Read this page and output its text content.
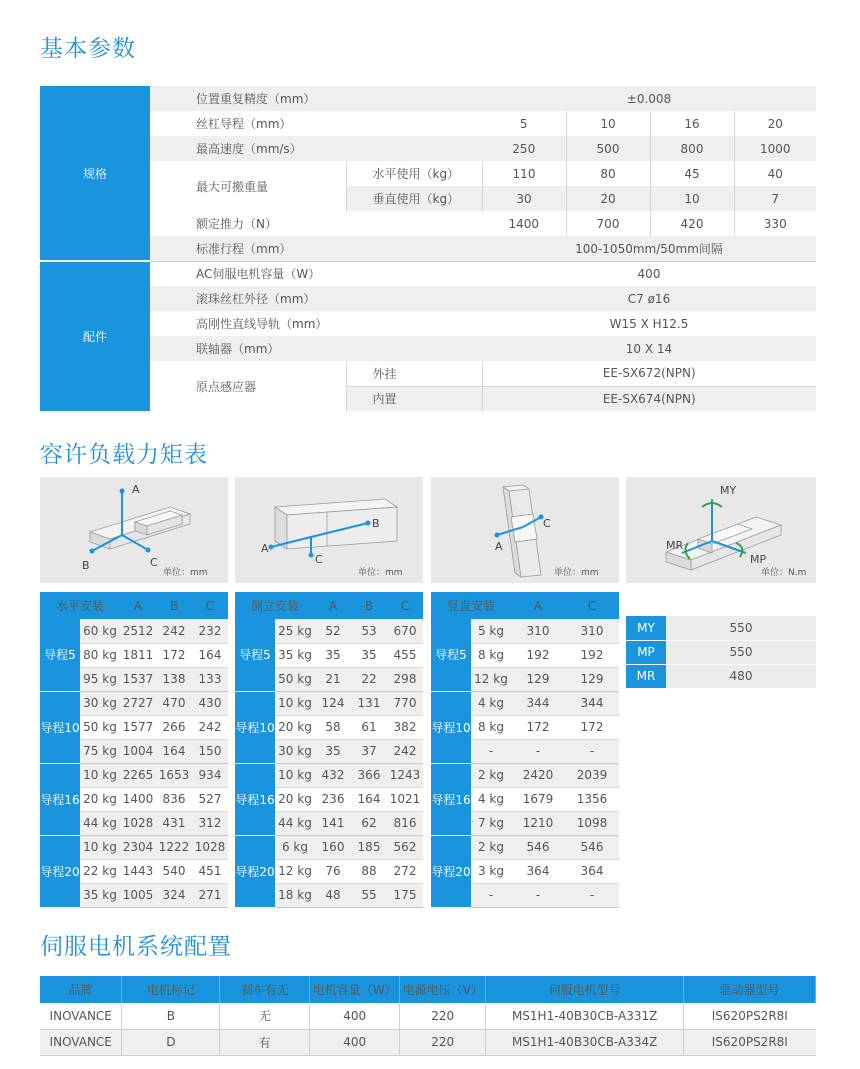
基本参数
容许负载力矩表
伺服电机系统配置
规格	位置重复精度（mm）		±0.008			
	丝杠导程（mm）		5	10	16	20
	最高速度（mm/s）		250	500	800	1000
	最大可搬重量	水平使用（kg）	110	80	45	40
		垂直使用（kg）	30	20	10	7
	额定推力（N）		1400	700	420	330
	标准行程（mm）		100-1050mm/50mm间隔			
配件	AC伺服电机容量（W）		400			
	滚珠丝杠外径（mm）		C7 ø16			
	高刚性直线导轨（mm）		W15 X H12.5			
	联轴器（mm）		10 X 14			
	原点感应器	外挂	EE-SX672(NPN)			
		内置	EE-SX674(NPN)			
A
B	C
单位：mm
A
B
C
单位：mm
A
C
单位：mm
MY
MR
MP
单位：N.m
水平安装		A	B	C
导程5	60 kg	2512	242	232
	80 kg	1811	172	164
	95 kg	1537	138	133
导程10	30 kg	2727	470	430
	50 kg	1577	266	242
	75 kg	1004	164	150
导程16	10 kg	2265	1653	934
	20 kg	1400	836	527
	44 kg	1028	431	312
导程20	10 kg	2304	1222	1028
	22 kg	1443	540	451
	35 kg	1005	324	271
侧立安装		A	B	C
导程5	25 kg	52	53	670
	35 kg	35	35	455
	50 kg	21	22	298
导程10	10 kg	124	131	770
	20 kg	58	61	382
	30 kg	35	37	242
导程16	10 kg	432	366	1243
	20 kg	236	164	1021
	44 kg	141	62	816
导程20	6 kg	160	185	562
	12 kg	76	88	272
	18 kg	48	55	175
竖直安装		A	C
导程5	5 kg	310	310
	8 kg	192	192
	12 kg	129	129
导程10	4 kg	344	344
	8 kg	172	172
	-	-	-
导程16	2 kg	2420	2039
	4 kg	1679	1356
	7 kg	1210	1098
导程20	2 kg	546	546
	3 kg	364	364
	-	-	-
MY	550
MP	550
MR	480
品牌	电机标记	刹车有无	电机容量（W）	电源电压（V）	伺服电机型号	驱动器型号
INOVANCE	B	无	400	220	MS1H1-40B30CB-A331Z	IS620PS2R8I
INOVANCE	D	有	400	220	MS1H1-40B30CB-A334Z	IS620PS2R8I
